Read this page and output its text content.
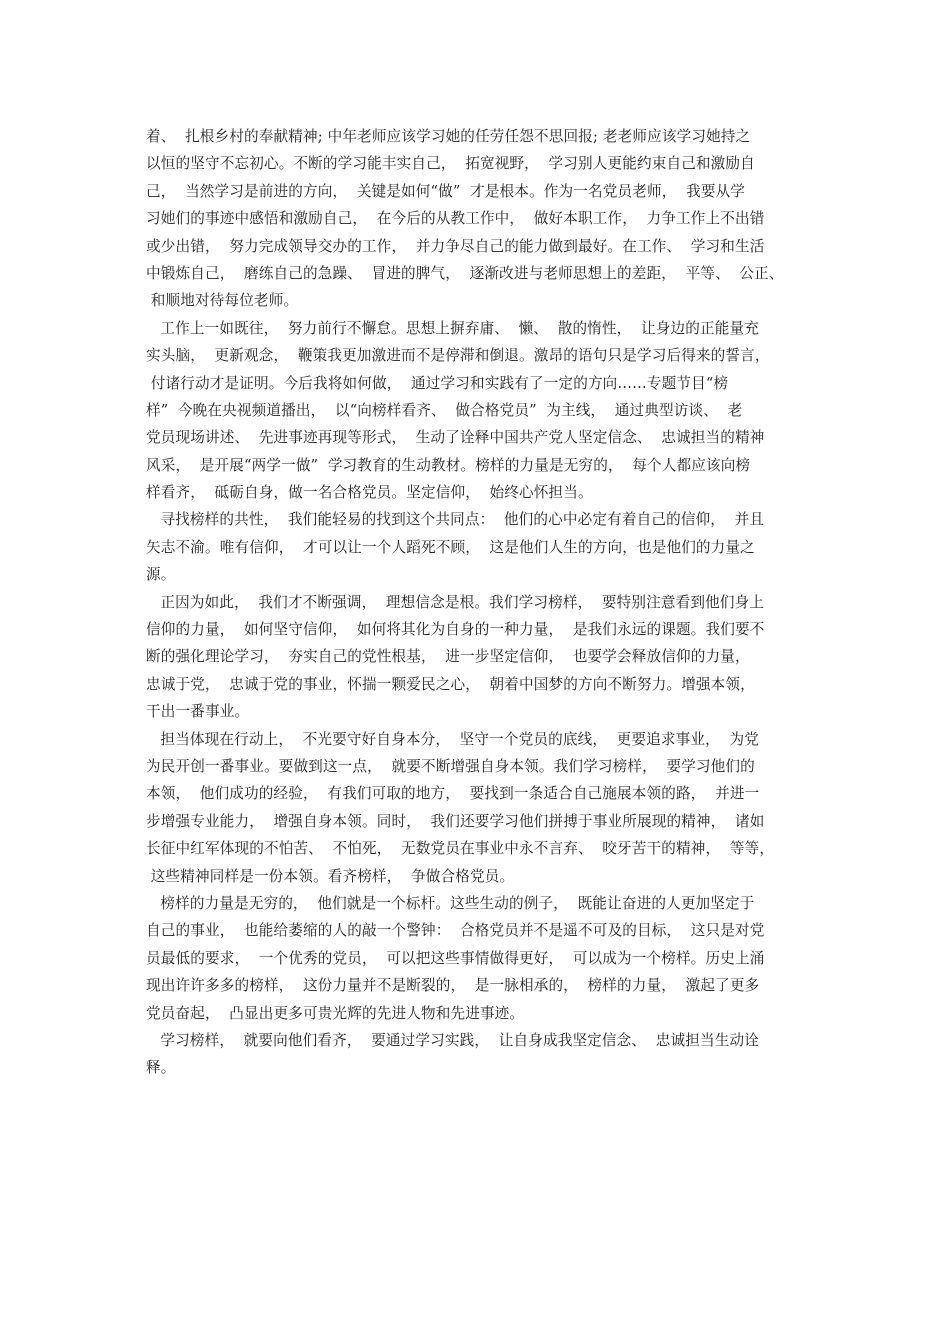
着、  扎根乡村的奉献精神; 中年老师应该学习她的任劳任怨不思回报; 老老师应该学习她持之
以恒的坚守不忘初心。不断的学习能丰实自己，  拓宽视野，  学习别人更能约束自己和激励自
己，  当然学习是前进的方向，  关键是如何“做”  才是根本。作为一名党员老师，  我要从学
习她们的事迹中感悟和激励自己，  在今后的从教工作中，  做好本职工作，  力争工作上不出错
或少出错，  努力完成领导交办的工作，  并力争尽自己的能力做到最好。在工作、  学习和生活
中锻炼自己，  磨练自己的急躁、  冒进的脾气，  逐渐改进与老师思想上的差距，  平等、  公正、
和顺地对待每位老师。
工作上一如既往，  努力前行不懈怠。思想上摒弃庸、  懒、  散的惰性，  让身边的正能量充
实头脑，  更新观念，  鞭策我更加激进而不是停滞和倒退。激昂的语句只是学习后得来的誓言，
付诸行动才是证明。今后我将如何做，  通过学习和实践有了一定的方向……专题节目“榜
样”  今晚在央视频道播出，  以“向榜样看齐、  做合格党员”  为主线，  通过典型访谈、  老
党员现场讲述、  先进事迹再现等形式，  生动了诠释中国共产党人坚定信念、  忠诚担当的精神
风采，  是开展“两学一做”  学习教育的生动教材。榜样的力量是无穷的，  每个人都应该向榜
样看齐，  砥砺自身，做一名合格党员。坚定信仰，  始终心怀担当。
寻找榜样的共性，  我们能轻易的找到这个共同点：  他们的心中必定有着自己的信仰，  并且
矢志不渝。唯有信仰，  才可以让一个人蹈死不顾，  这是他们人生的方向，也是他们的力量之
源。
正因为如此，  我们才不断强调，  理想信念是根。我们学习榜样，  要特别注意看到他们身上
信仰的力量，  如何坚守信仰，  如何将其化为自身的一种力量，  是我们永远的课题。我们要不
断的强化理论学习，  夯实自己的党性根基，  进一步坚定信仰，  也要学会释放信仰的力量，
忠诚于党，  忠诚于党的事业，怀揣一颗爱民之心，  朝着中国梦的方向不断努力。增强本领，
干出一番事业。
担当体现在行动上，  不光要守好自身本分，  坚守一个党员的底线，  更要追求事业，  为党
为民开创一番事业。要做到这一点，  就要不断增强自身本领。我们学习榜样，  要学习他们的
本领，  他们成功的经验，  有我们可取的地方，  要找到一条适合自己施展本领的路，  并进一
步增强专业能力，  增强自身本领。同时，  我们还要学习他们拼搏于事业所展现的精神，  诸如
长征中红军体现的不怕苦、  不怕死，  无数党员在事业中永不言弃、  咬牙苦干的精神，  等等，
这些精神同样是一份本领。看齐榜样，  争做合格党员。
榜样的力量是无穷的，  他们就是一个标杆。这些生动的例子，  既能让奋进的人更加坚定于
自己的事业，  也能给萎缩的人的敲一个警钟：  合格党员并不是遥不可及的目标，  这只是对党
员最低的要求，  一个优秀的党员，  可以把这些事情做得更好，  可以成为一个榜样。历史上涌
现出许许多多的榜样，  这份力量并不是断裂的，  是一脉相承的，  榜样的力量，  激起了更多
党员奋起，  凸显出更多可贵光辉的先进人物和先进事迹。
学习榜样，  就要向他们看齐，  要通过学习实践，  让自身成我坚定信念、  忠诚担当生动诠
释。
